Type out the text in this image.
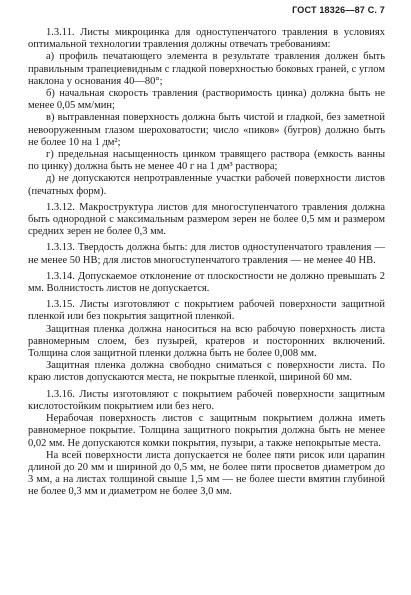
ГОСТ 18326—87 С. 7

1.3.11. Листы микроцинка для одноступенчатого травления в условиях оптимальной технологии травления должны отвечать требованиям:

а) профиль печатающего элемента в результате травления должен быть правильным трапециевидным с гладкой поверхностью боковых граней, с углом наклона у основания 40—80°;

б) начальная скорость травления (растворимость цинка) должна быть не менее 0,05 мм/мин;

в) вытравленная поверхность должна быть чистой и гладкой, без заметной невооруженным глазом шероховатости; число «пиков» (бугров) должно быть не более 10 на 1 дм²;

г) предельная насыщенность цинком травящего раствора (емкость ванны по цинку) должна быть не менее 40 г на 1 дм³ раствора;

д) не допускаются непротравленные участки рабочей поверхности листов (печатных форм).

1.3.12. Макроструктура листов для многоступенчатого травления должна быть однородной с максимальным размером зерен не более 0,5 мм и размером средних зерен не более 0,3 мм.

1.3.13. Твердость должна быть: для листов одноступенчатого травления — не менее 50 НВ; для листов многоступенчатого травления — не менее 40 НВ.

1.3.14. Допускаемое отклонение от плоскостности не должно превышать 2 мм. Волнистость листов не допускается.

1.3.15. Листы изготовляют с покрытием рабочей поверхности защитной пленкой или без покрытия защитной пленкой.

Защитная пленка должна наноситься на всю рабочую поверхность листа равномерным слоем, без пузырей, кратеров и посторонних включений. Толщина слоя защитной пленки должна быть не более 0,008 мм.

Защитная пленка должна свободно сниматься с поверхности листа. По краю листов допускаются места, не покрытые пленкой, шириной 60 мм.

1.3.16. Листы изготовляют с покрытием рабочей поверхности защитным кислотостойким покрытием или без него.

Нерабочая поверхность листов с защитным покрытием должна иметь равномерное покрытие. Толщина защитного покрытия должна быть не менее 0,02 мм. Не допускаются комки покрытия, пузыри, а также непокрытые места.

На всей поверхности листа допускается не более пяти рисок или царапин длиной до 20 мм и шириной до 0,5 мм, не более пяти просветов диаметром до 3 мм, а на листах толщиной свыше 1,5 мм — не более шести вмятин глубиной не более 0,3 мм и диаметром не более 3,0 мм.
